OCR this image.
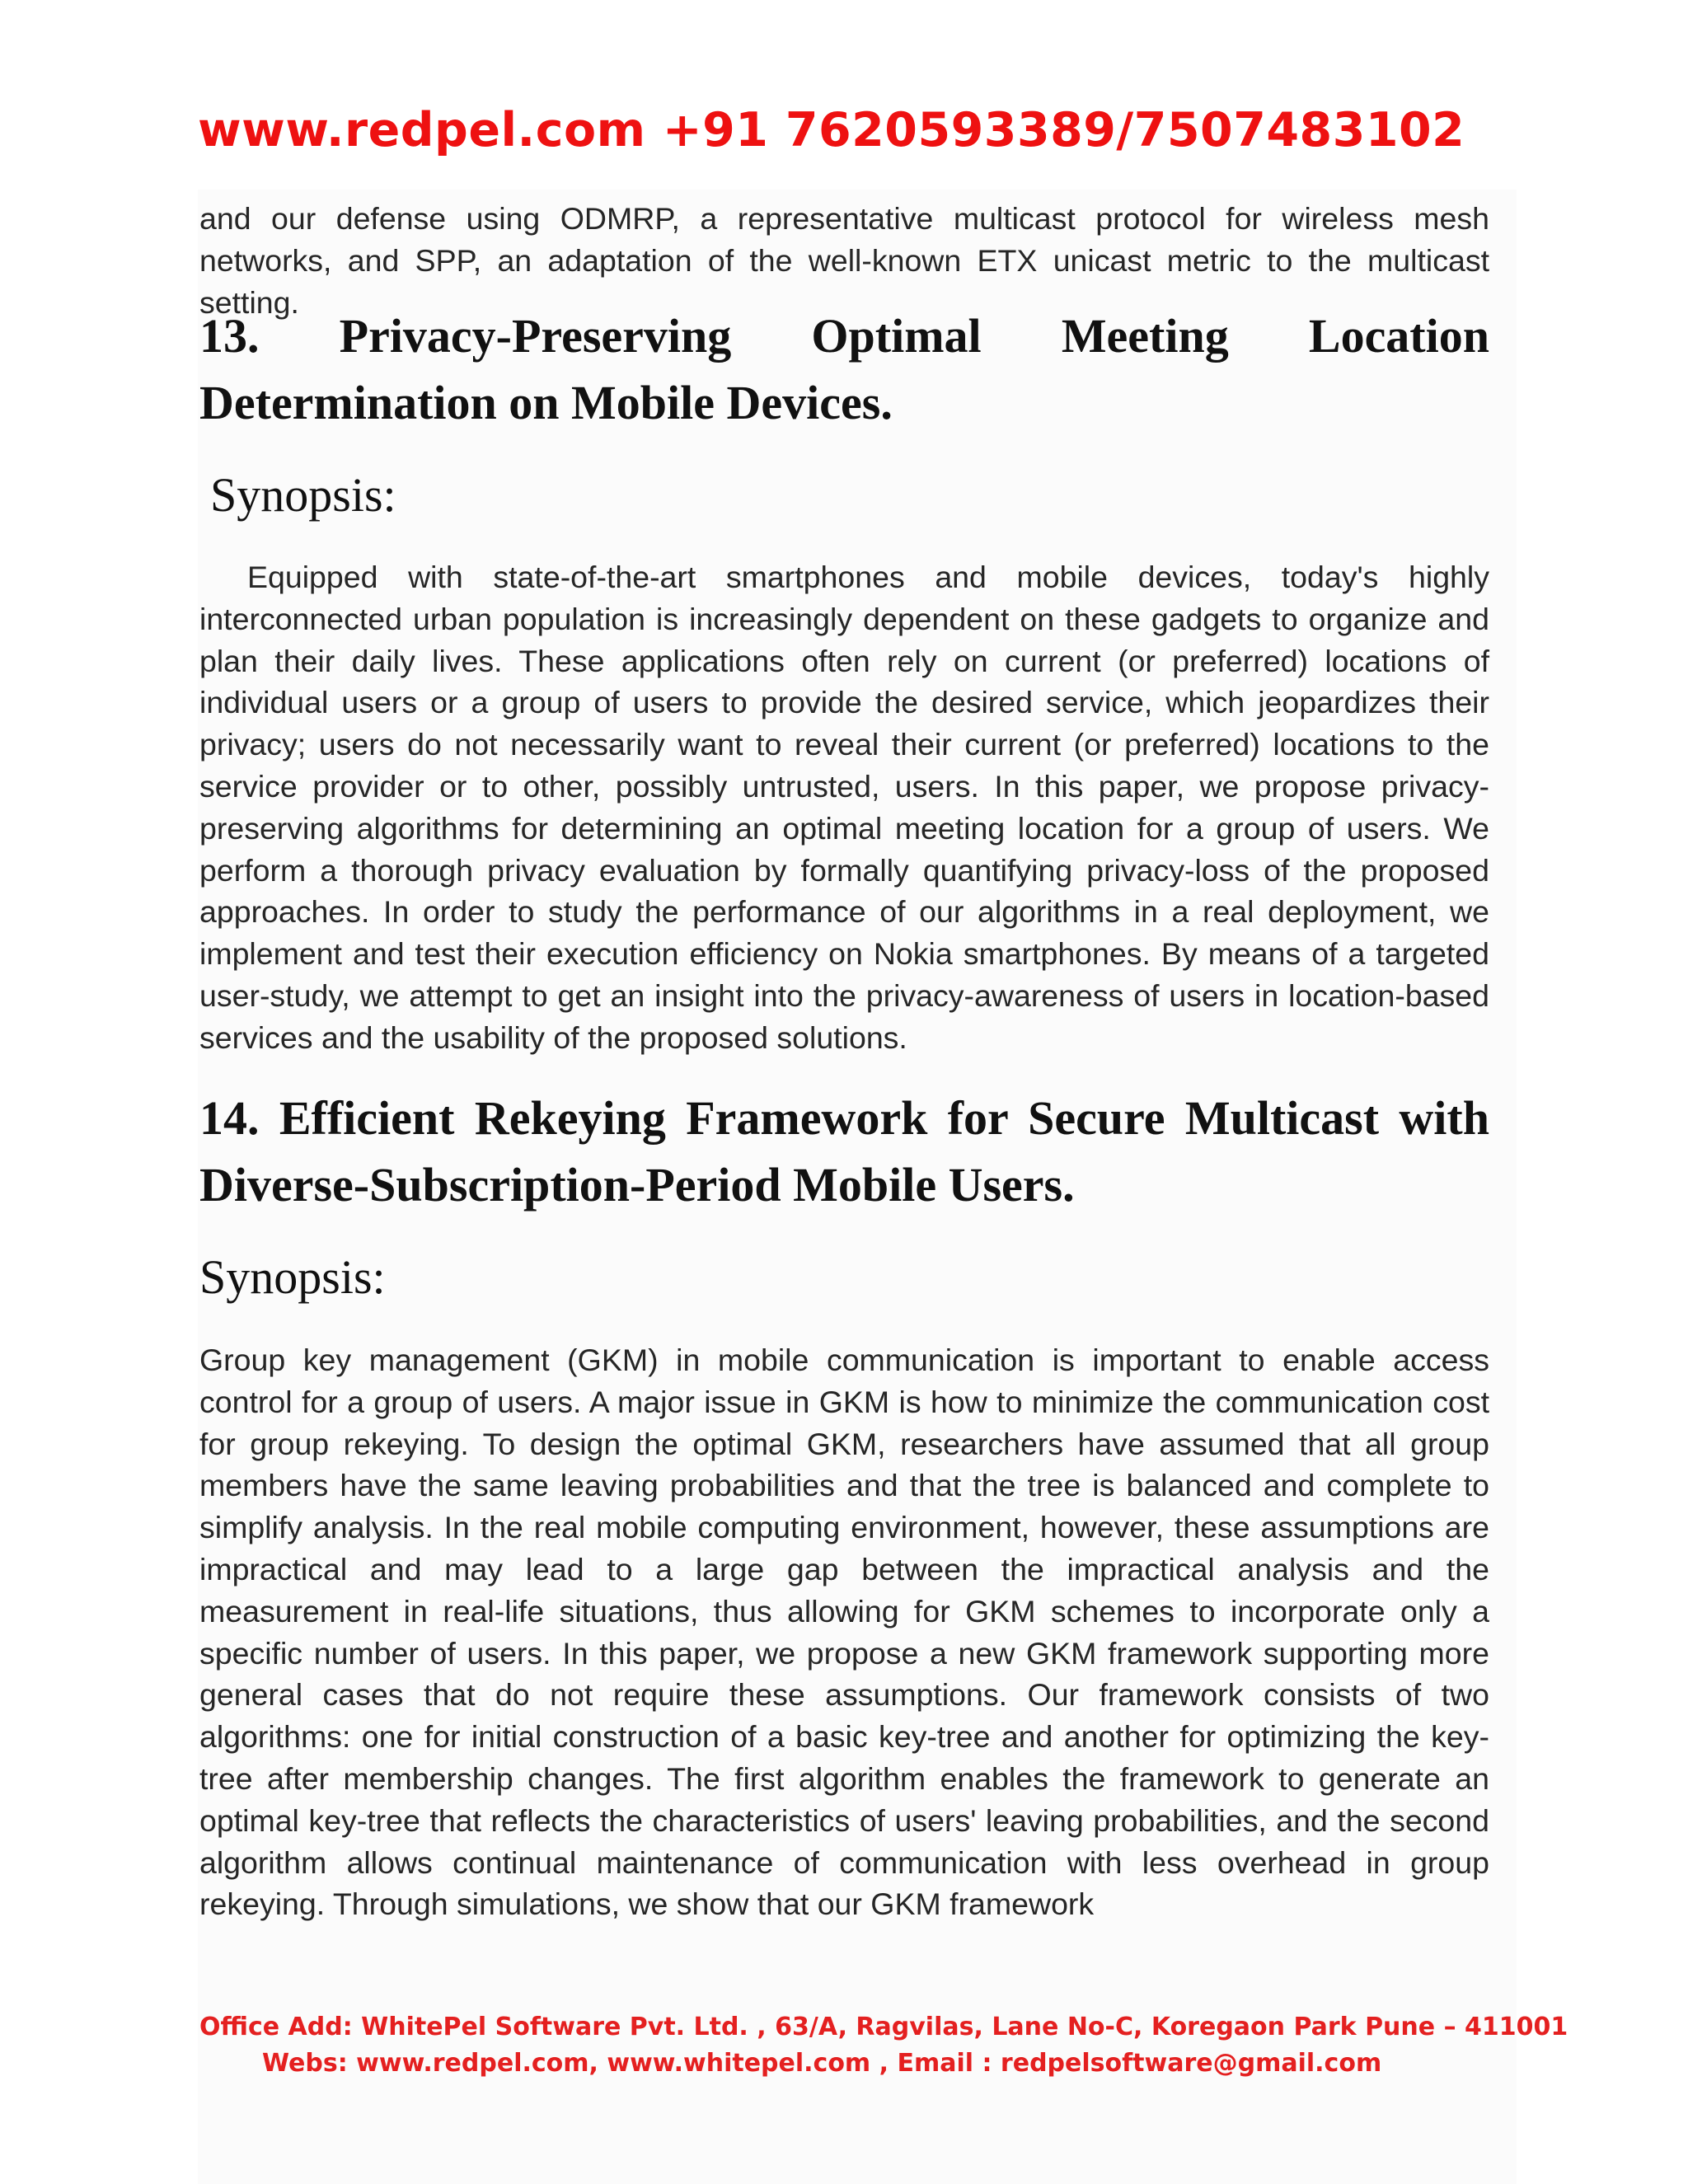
www.redpel.com +91 7620593389/7507483102

and our defense using ODMRP, a representative multicast protocol for wireless mesh networks, and SPP, an adaptation of the well-known ETX unicast metric to the multicast setting.

13. Privacy-Preserving Optimal Meeting Location
Determination on Mobile Devices.

Synopsis:

Equipped with state-of-the-art smartphones and mobile devices, today's highly interconnected urban population is increasingly dependent on these gadgets to organize and plan their daily lives. These applications often rely on current (or preferred) locations of individual users or a group of users to provide the desired service, which jeopardizes their privacy; users do not necessarily want to reveal their current (or preferred) locations to the service provider or to other, possibly untrusted, users. In this paper, we propose privacy-preserving algorithms for determining an optimal meeting location for a group of users. We perform a thorough privacy evaluation by formally quantifying privacy-loss of the proposed approaches. In order to study the performance of our algorithms in a real deployment, we implement and test their execution efficiency on Nokia smartphones. By means of a targeted user-study, we attempt to get an insight into the privacy-awareness of users in location-based services and the usability of the proposed solutions.

14. Efficient Rekeying Framework for Secure Multicast with Diverse-Subscription-Period Mobile Users.

Synopsis:

Group key management (GKM) in mobile communication is important to enable access control for a group of users. A major issue in GKM is how to minimize the communication cost for group rekeying. To design the optimal GKM, researchers have assumed that all group members have the same leaving probabilities and that the tree is balanced and complete to simplify analysis. In the real mobile computing environment, however, these assumptions are impractical and may lead to a large gap between the impractical analysis and the measurement in real-life situations, thus allowing for GKM schemes to incorporate only a specific number of users. In this paper, we propose a new GKM framework supporting more general cases that do not require these assumptions. Our framework consists of two algorithms: one for initial construction of a basic key-tree and another for optimizing the key-tree after membership changes. The first algorithm enables the framework to generate an optimal key-tree that reflects the characteristics of users' leaving probabilities, and the second algorithm allows continual maintenance of communication with less overhead in group rekeying. Through simulations, we show that our GKM framework

Office Add: WhitePel Software Pvt. Ltd. , 63/A, Ragvilas, Lane No-C, Koregaon Park Pune – 411001

Webs: www.redpel.com, www.whitepel.com , Email : redpelsoftware@gmail.com
